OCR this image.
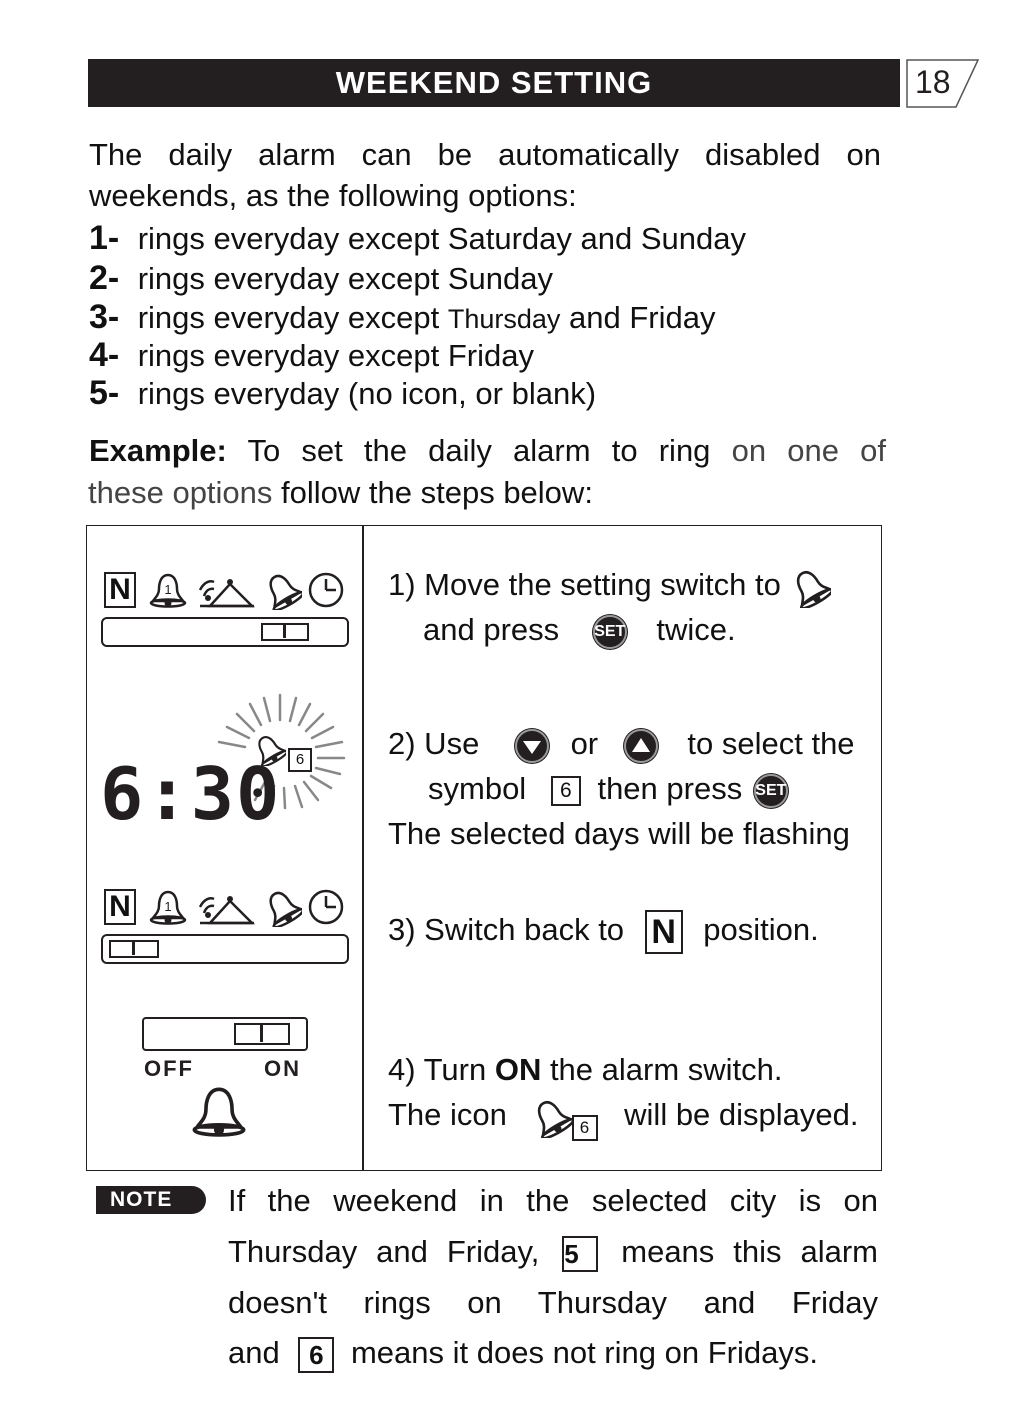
WEEKEND SETTING	18
The daily alarm can be automatically disabled on
weekends, as the following options:
1- rings everyday except Saturday and Sunday
2- rings everyday except Sunday
3- rings everyday except Thursday and Friday
4- rings everyday except Friday
5- rings everyday (no icon, or blank)
Example: To set the daily alarm to ring on one of
these options follow the steps below:
N	1
6
6:30
N	1
OFF	ON
1) Move the setting switch to
and press SET twice.
2) Use	or	to select the
symbol 6 then press SET
The selected days will be flashing
3) Switch back to N position.
4) Turn ON the alarm switch.
The icon	6 will be displayed.
NOTE	If the weekend in the selected city is on
Thursday and Friday, 5 means this alarm
doesn't rings on Thursday and Friday
and 6 means it does not ring on Fridays.
